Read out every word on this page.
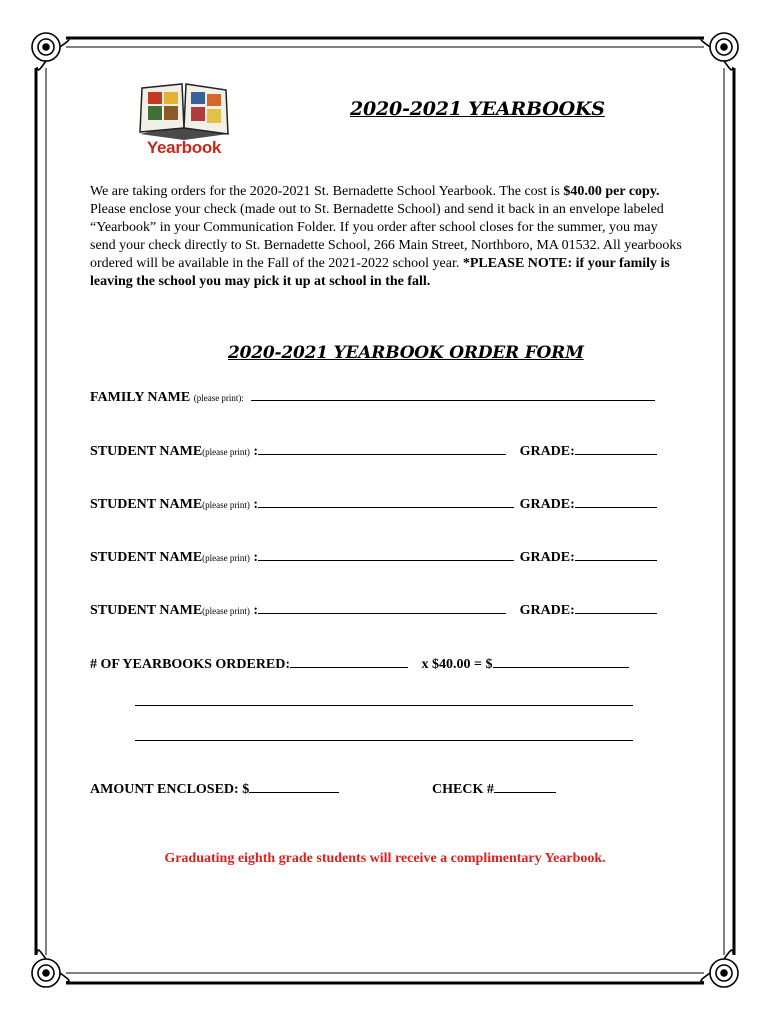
Yearbook
2020-2021 YEARBOOKS

We are taking orders for the 2020-2021 St. Bernadette School Yearbook. The cost is $40.00 per copy. Please enclose your check (made out to St. Bernadette School) and send it back in an envelope labeled “Yearbook” in your Communication Folder. If you order after school closes for the summer, you may send your check directly to St. Bernadette School, 266 Main Street, Northboro, MA 01532. All yearbooks ordered will be available in the Fall of the 2021-2022 school year. *PLEASE NOTE: if your family is leaving the school you may pick it up at school in the fall.

2020-2021 YEARBOOK ORDER FORM
FAMILY NAME (please print):
STUDENT NAME(please print) :	GRADE:
STUDENT NAME(please print) :	GRADE:
STUDENT NAME(please print) :	GRADE:
STUDENT NAME(please print) :	GRADE:
# OF YEARBOOKS ORDERED:	x $40.00 = $
AMOUNT ENCLOSED: $	CHECK #
Graduating eighth grade students will receive a complimentary Yearbook.
